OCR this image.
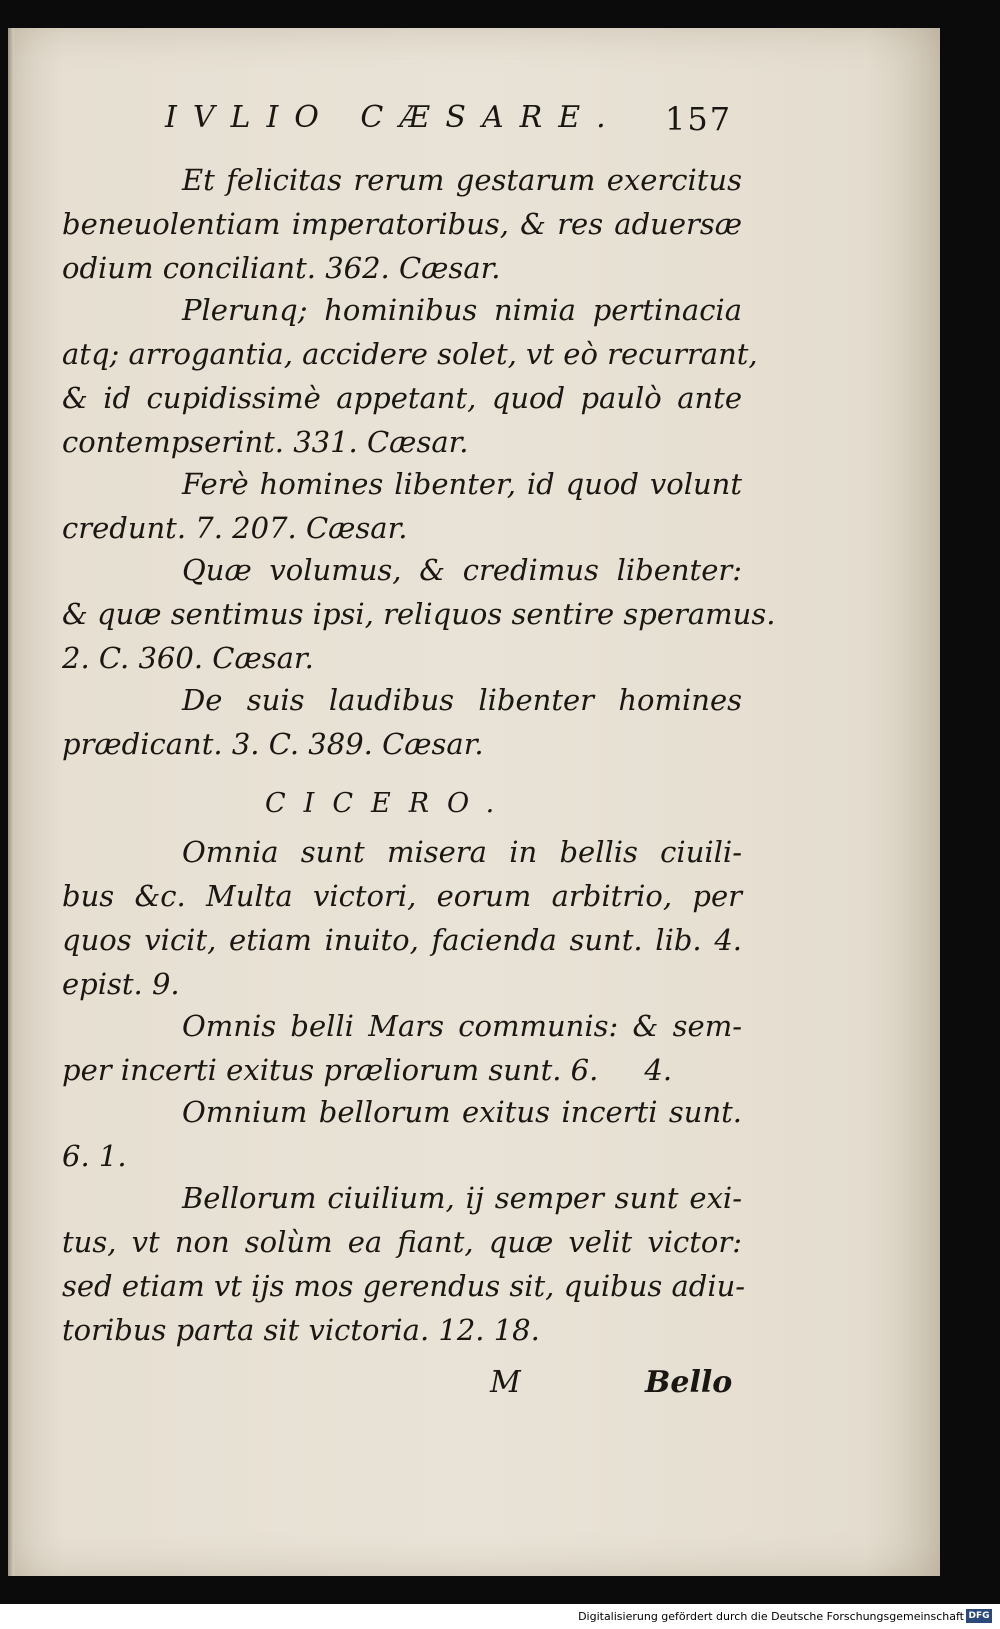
IVLIO CÆSARE.	157
Et felicitas rerum gestarum exercitus
beneuolentiam imperatoribus, & res aduersæ
odium conciliant. 362. Cæsar.
Plerunq; hominibus nimia pertinacia
atq; arrogantia, accidere solet, vt eò recurrant,
& id cupidissimè appetant, quod paulò ante
contempserint. 331. Cæsar.
Ferè homines libenter, id quod volunt
credunt. 7. 207. Cæsar.
Quæ volumus, & credimus libenter:
& quæ sentimus ipsi, reliquos sentire speramus.
2. C. 360. Cæsar.
De suis laudibus libenter homines
prædicant. 3. C. 389. Cæsar.
CICERO.
Omnia sunt misera in bellis ciuili-
bus &c. Multa victori, eorum arbitrio, per
quos vicit, etiam inuito, facienda sunt. lib. 4.
epist. 9.
Omnis belli Mars communis: & sem-
per incerti exitus præliorum sunt. 6.     4.
Omnium bellorum exitus incerti sunt.
6. 1.
Bellorum ciuilium, ij semper sunt exi-
tus, vt non solùm ea fiant, quæ velit victor:
sed etiam vt ijs mos gerendus sit, quibus adiu-
toribus parta sit victoria. 12. 18.
M	Bello
Digitalisierung gefördert durch die Deutsche Forschungsgemeinschaft DFG
